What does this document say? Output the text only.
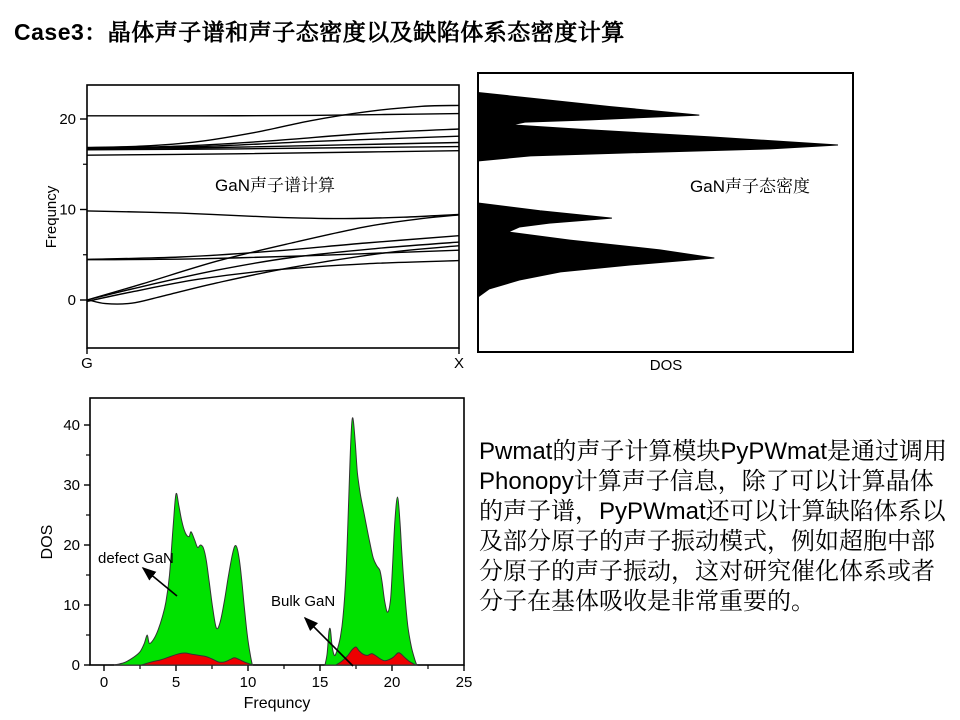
Case3：晶体声子谱和声子态密度以及缺陷体系态密度计算
0
10
20
G	X
GaN声子谱计算
Frequncy	GaN声子态密度
DOS
0	5	10	15	20	25
0
10
20
30
40
defect GaN
Bulk GaN
Frequncy
DOS
Pwmat的声子计算模块PyPWmat是通过调用Phonopy计算声子信息，除了可以计算晶体的声子谱，PyPWmat还可以计算缺陷体系以及部分原子的声子振动模式，例如超胞中部分原子的声子振动，这对研究催化体系或者分子在基体吸收是非常重要的。
